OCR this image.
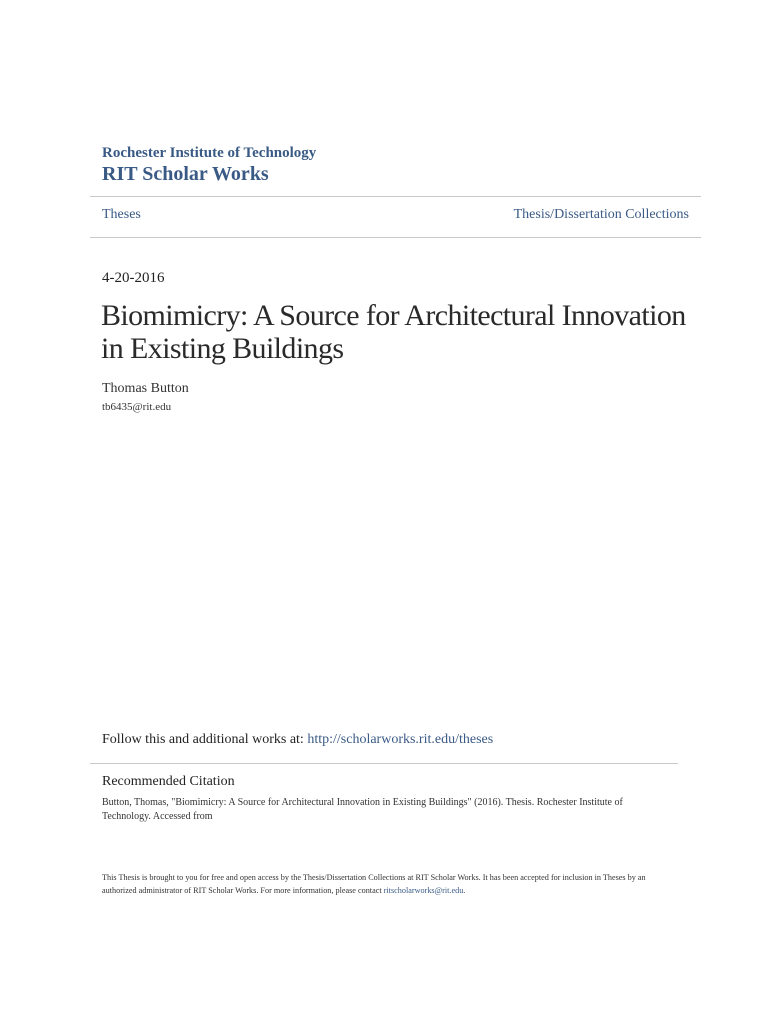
Rochester Institute of Technology
RIT Scholar Works
Theses	Thesis/Dissertation Collections
4-20-2016
Biomimicry: A Source for Architectural Innovation in Existing Buildings
Thomas Button
tb6435@rit.edu
Follow this and additional works at: http://scholarworks.rit.edu/theses
Recommended Citation
Button, Thomas, "Biomimicry: A Source for Architectural Innovation in Existing Buildings" (2016). Thesis. Rochester Institute of Technology. Accessed from
This Thesis is brought to you for free and open access by the Thesis/Dissertation Collections at RIT Scholar Works. It has been accepted for inclusion in Theses by an authorized administrator of RIT Scholar Works. For more information, please contact ritscholarworks@rit.edu.
